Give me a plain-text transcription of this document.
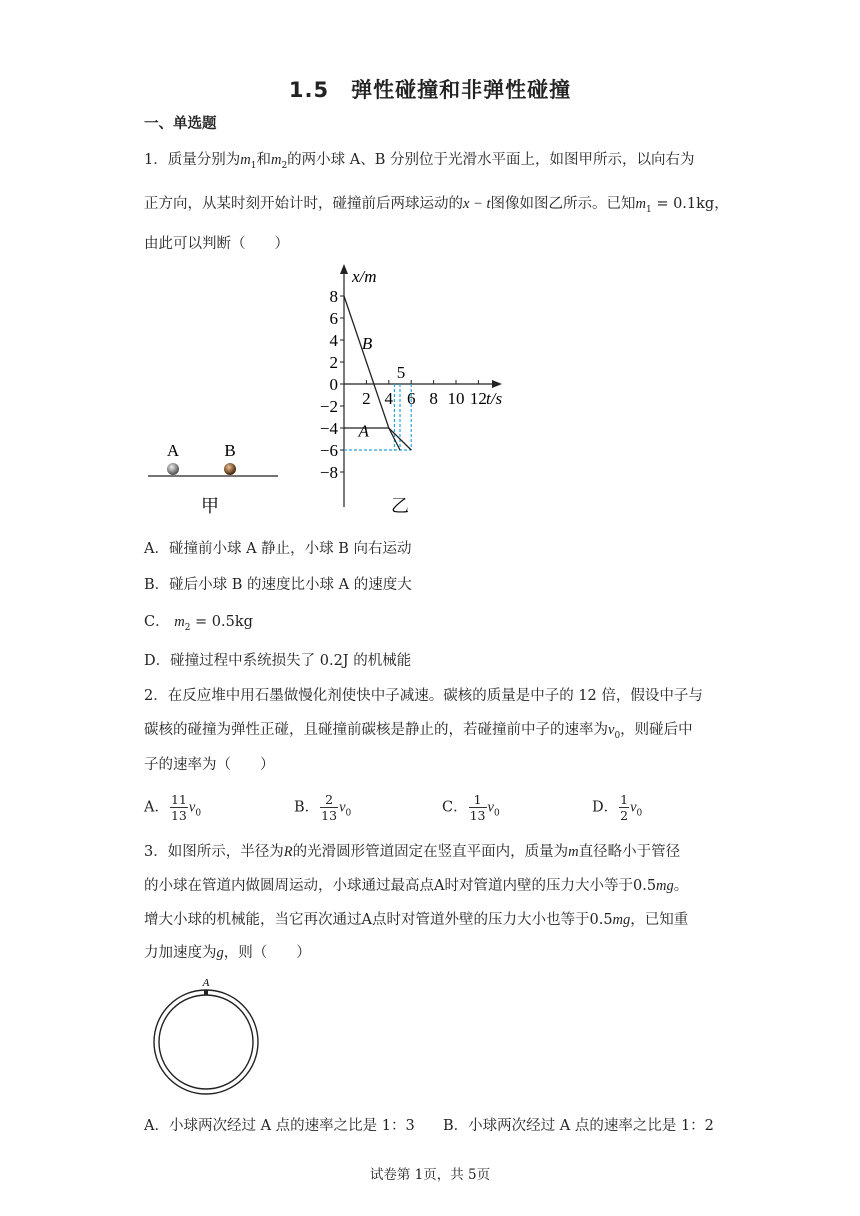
1.5　弹性碰撞和非弹性碰撞
一、单选题
1．质量分别为$m_1$和$m_2$的两小球 A、B 分别位于光滑水平面上，如图甲所示，以向右为
正方向，从某时刻开始计时，碰撞前后两球运动的x − t图像如图乙所示。已知$m_1 = 0.1kg$，
由此可以判断（　　）
A	B
甲
x/m
t/s
乙
8
6
4
2
0
−2
−4
−6
−8
2 4 6 8 10 12
5
B
A
A．碰撞前小球 A 静止，小球 B 向右运动
B．碰后小球 B 的速度比小球 A 的速度大
C． $m_2 = 0.5kg$
D．碰撞过程中系统损失了 0.2J 的机械能
2．在反应堆中用石墨做慢化剂使快中子减速。碳核的质量是中子的 12 倍，假设中子与
碳核的碰撞为弹性正碰，且碰撞前碳核是静止的，若碰撞前中子的速率为$v_0$，则碰后中
子的速率为（　　）
A． $\frac{11}{13} v_0$	B． $\frac{2}{13} v_0$	C． $\frac{1}{13} v_0$	D． $\frac{1}{2} v_0$
3．如图所示，半径为R的光滑圆形管道固定在竖直平面内，质量为m直径略小于管径
的小球在管道内做圆周运动，小球通过最高点A时对管道内壁的压力大小等于0.5mg。
增大小球的机械能，当它再次通过A点时对管道外壁的压力大小也等于0.5mg，已知重
力加速度为g，则（　　）
A
A．小球两次经过 A 点的速率之比是 1：3 B．小球两次经过 A 点的速率之比是 1：2
试卷第 1页，共 5页
